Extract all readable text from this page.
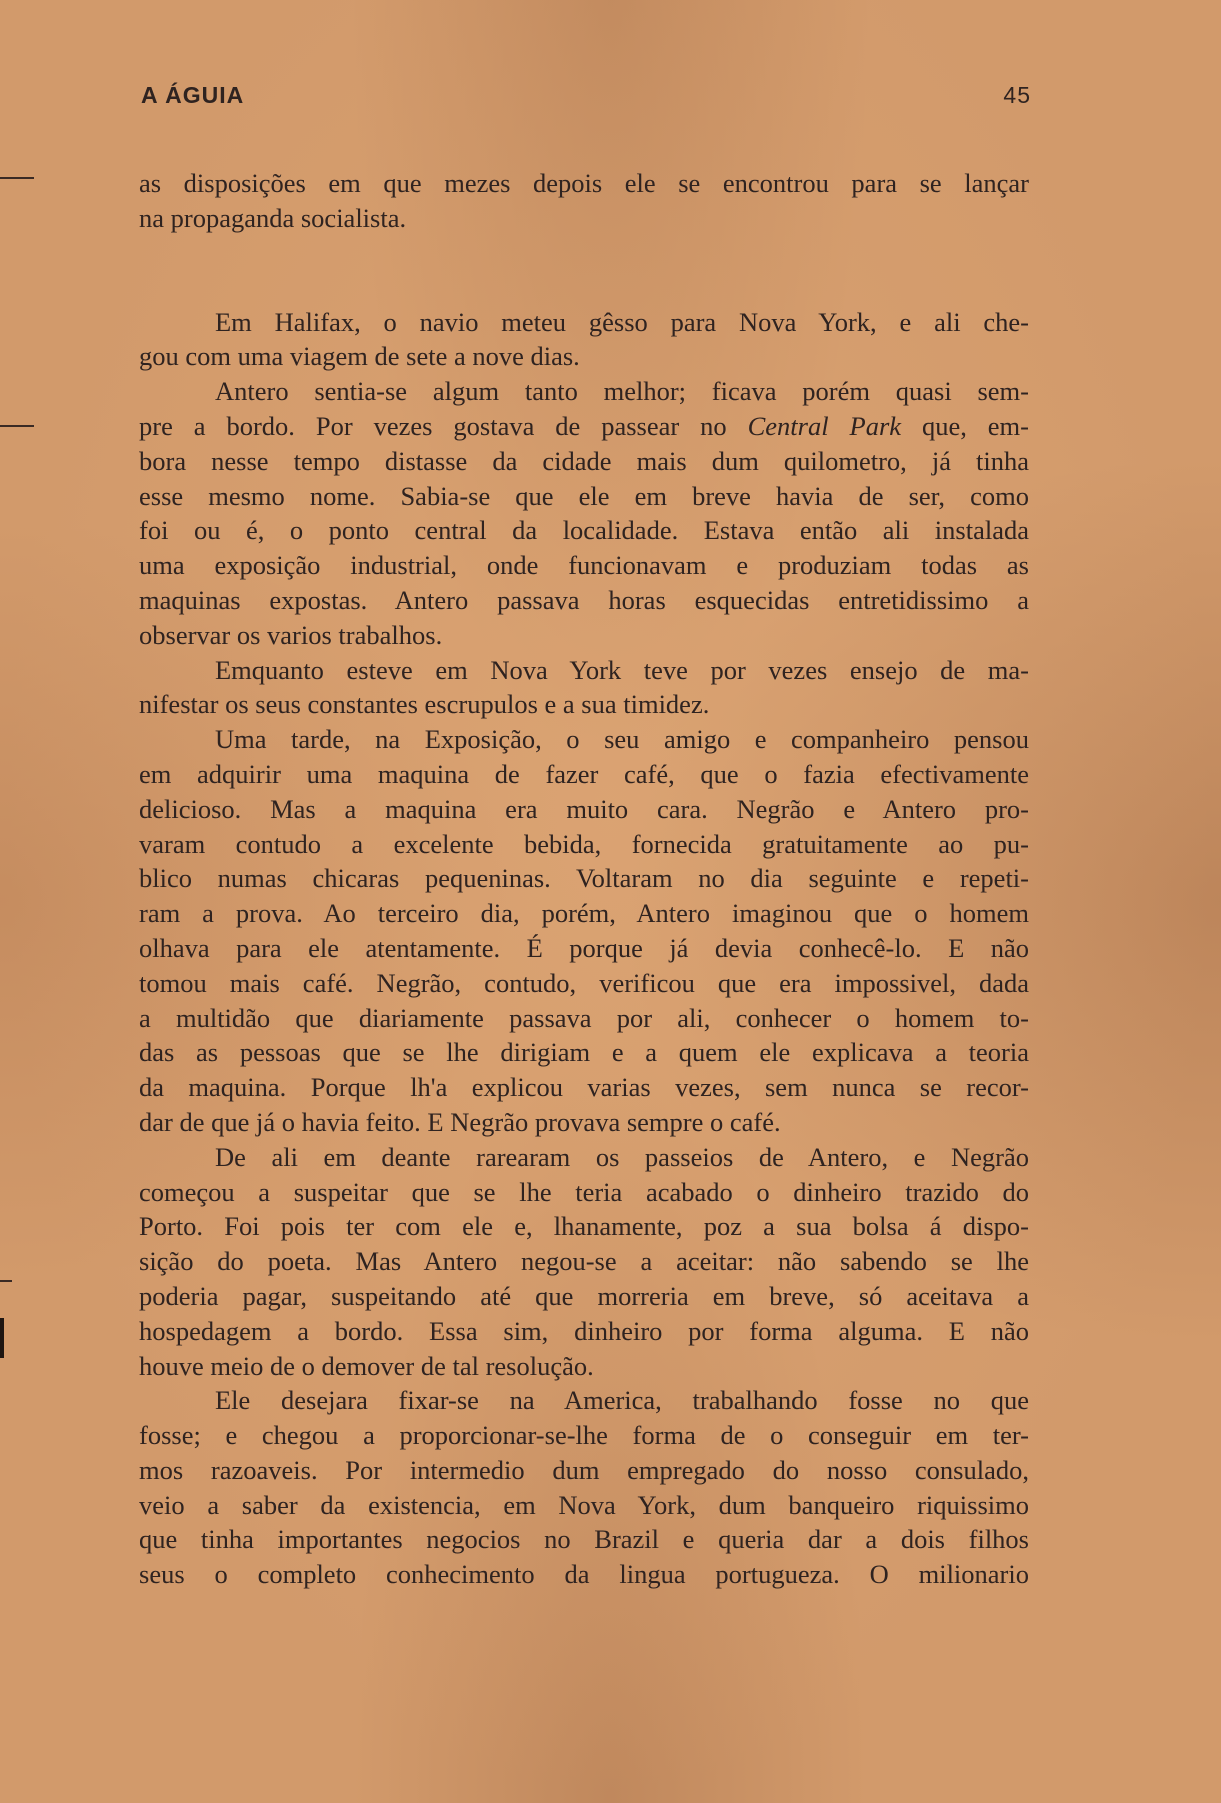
A ÁGUIA	45
as disposições em que mezes depois ele se encontrou para se lançar
na propaganda socialista.
Em Halifax, o navio meteu gêsso para Nova York, e ali che-
gou com uma viagem de sete a nove dias.
Antero sentia-se algum tanto melhor; ficava porém quasi sem-
pre a bordo. Por vezes gostava de passear no Central Park que, em-
bora nesse tempo distasse da cidade mais dum quilometro, já tinha
esse mesmo nome. Sabia-se que ele em breve havia de ser, como
foi ou é, o ponto central da localidade. Estava então ali instalada
uma exposição industrial, onde funcionavam e produziam todas as
maquinas expostas. Antero passava horas esquecidas entretidissimo a
observar os varios trabalhos.
Emquanto esteve em Nova York teve por vezes ensejo de ma-
nifestar os seus constantes escrupulos e a sua timidez.
Uma tarde, na Exposição, o seu amigo e companheiro pensou
em adquirir uma maquina de fazer café, que o fazia efectivamente
delicioso. Mas a maquina era muito cara. Negrão e Antero pro-
varam contudo a excelente bebida, fornecida gratuitamente ao pu-
blico numas chicaras pequeninas. Voltaram no dia seguinte e repeti-
ram a prova. Ao terceiro dia, porém, Antero imaginou que o homem
olhava para ele atentamente. É porque já devia conhecê-lo. E não
tomou mais café. Negrão, contudo, verificou que era impossivel, dada
a multidão que diariamente passava por ali, conhecer o homem to-
das as pessoas que se lhe dirigiam e a quem ele explicava a teoria
da maquina. Porque lh'a explicou varias vezes, sem nunca se recor-
dar de que já o havia feito. E Negrão provava sempre o café.
De ali em deante rarearam os passeios de Antero, e Negrão
começou a suspeitar que se lhe teria acabado o dinheiro trazido do
Porto. Foi pois ter com ele e, lhanamente, poz a sua bolsa á dispo-
sição do poeta. Mas Antero negou-se a aceitar: não sabendo se lhe
poderia pagar, suspeitando até que morreria em breve, só aceitava a
hospedagem a bordo. Essa sim, dinheiro por forma alguma. E não
houve meio de o demover de tal resolução.
Ele desejara fixar-se na America, trabalhando fosse no que
fosse; e chegou a proporcionar-se-lhe forma de o conseguir em ter-
mos razoaveis. Por intermedio dum empregado do nosso consulado,
veio a saber da existencia, em Nova York, dum banqueiro riquissimo
que tinha importantes negocios no Brazil e queria dar a dois filhos
seus o completo conhecimento da lingua portugueza. O milionario
